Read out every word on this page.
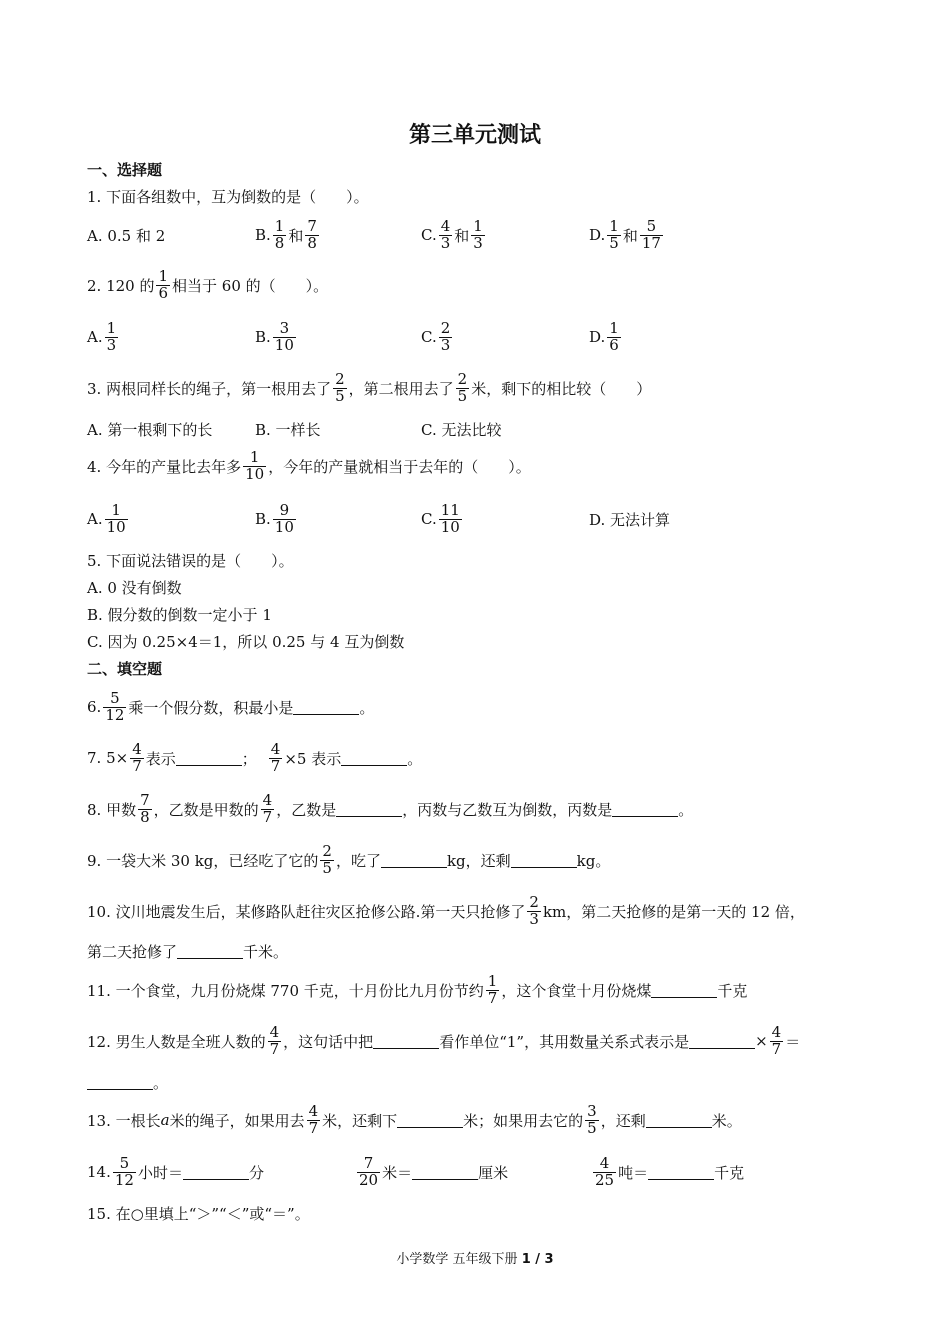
第三单元测试
一、选择题
1. 下面各组数中，互为倒数的是（　　）。
A. 0.5 和 2	B. $\frac{1}{8}$ 和 $\frac{7}{8}$	C. $\frac{4}{3}$ 和 $\frac{1}{3}$	D. $\frac{1}{5}$ 和 $\frac{5}{17}$
2. 120 的 $\frac{1}{6}$ 相当于 60 的（　　）。
A. $\frac{1}{3}$	B. $\frac{3}{10}$	C. $\frac{2}{3}$	D. $\frac{1}{6}$
3. 两根同样长的绳子，第一根用去了 $\frac{2}{5}$ ，第二根用去了 $\frac{2}{5}$ 米，剩下的相比较（　　）
A. 第一根剩下的长	B. 一样长	C. 无法比较
4. 今年的产量比去年多 $\frac{1}{10}$ ，今年的产量就相当于去年的（　　）。
A. $\frac{1}{10}$	B. $\frac{9}{10}$	C. $\frac{11}{10}$	D. 无法计算
5. 下面说法错误的是（　　）。
A. 0 没有倒数
B. 假分数的倒数一定小于 1
C. 因为 0.25×4＝1，所以 0.25 与 4 互为倒数
二、填空题
6. $\frac{5}{12}$ 乘一个假分数，积最小是	。
7. $5\times \frac{4}{7}$ 表示	； $\frac{4}{7} \times 5$ 表示	。
8. 甲数 $\frac{7}{8}$ ，乙数是甲数的 $\frac{4}{7}$ ，乙数是	，丙数与乙数互为倒数，丙数是	。
9. 一袋大米 30 kg，已经吃了它的 $\frac{2}{5}$ ，吃了	kg，还剩	kg。
10. 汶川地震发生后，某修路队赶往灾区抢修公路.第一天只抢修了 $\frac{2}{3}$ km，第二天抢修的是第一天的 12 倍，
第二天抢修了	千米。
11. 一个食堂，九月份烧煤 770 千克，十月份比九月份节约 $\frac{1}{7}$ ，这个食堂十月份烧煤	千克
12. 男生人数是全班人数的 $\frac{4}{7}$ ，这句话中把	看作单位“1”，其用数量关系式表示是	× $\frac{4}{7}$ ＝
。
13. 一根长 a 米的绳子，如果用去 $\frac{4}{7}$ 米，还剩下	米；如果用去它的 $\frac{3}{5}$ ，还剩	米。
14. $\frac{5}{12}$ 小时＝	分	$\frac{7}{20}$ 米＝	厘米	$\frac{4}{25}$ 吨＝	千克
15. 在○里填上“＞”“＜”或“＝”。
小学数学 五年级下册 1 / 3
